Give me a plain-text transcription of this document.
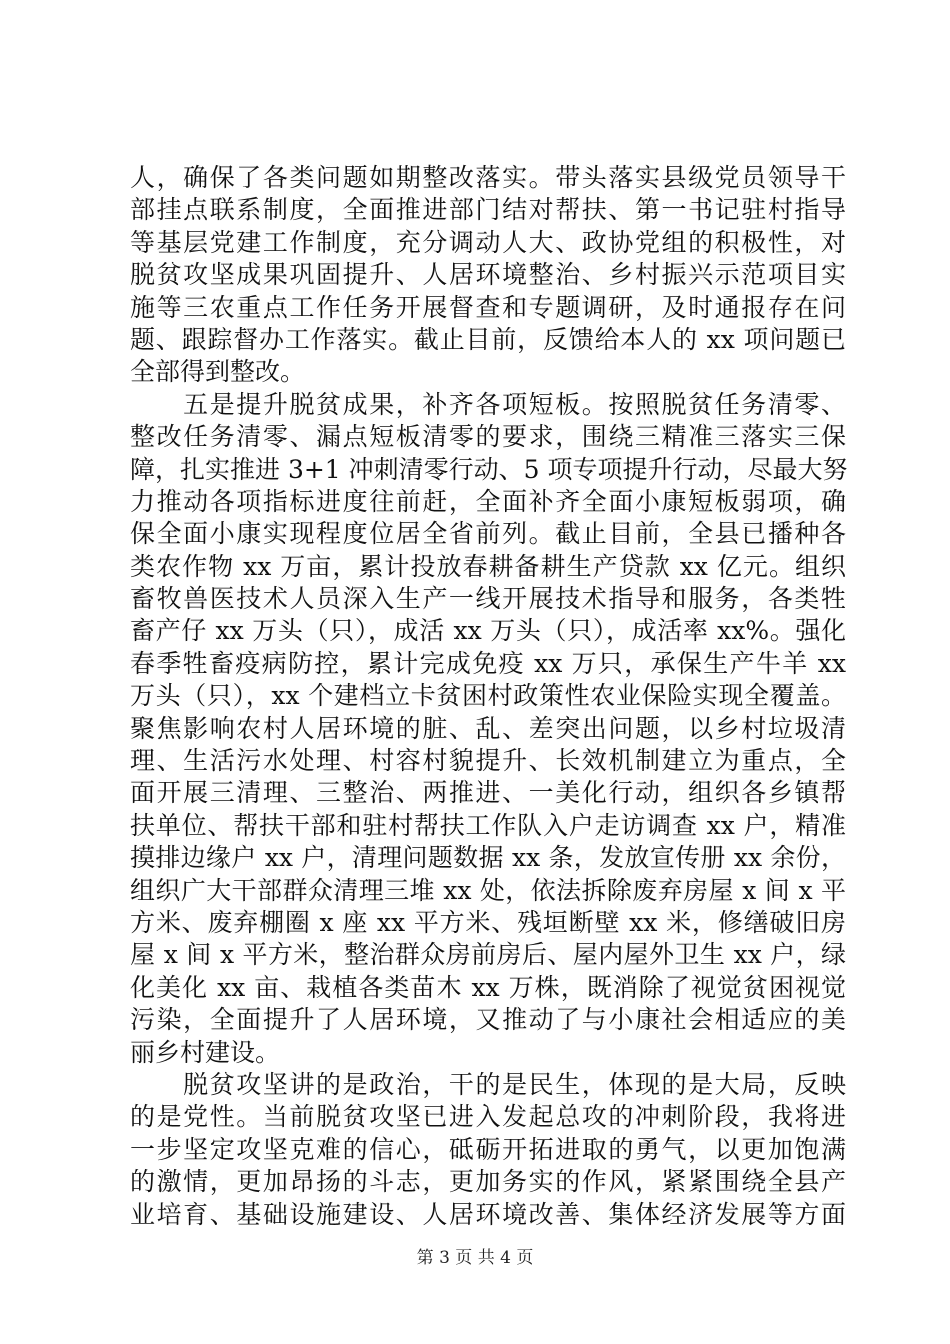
人，确保了各类问题如期整改落实。带头落实县级党员领导干
部挂点联系制度，全面推进部门结对帮扶、第一书记驻村指导
等基层党建工作制度，充分调动人大、政协党组的积极性，对
脱贫攻坚成果巩固提升、人居环境整治、乡村振兴示范项目实
施等三农重点工作任务开展督查和专题调研，及时通报存在问
题、跟踪督办工作落实。截止目前，反馈给本人的 xx 项问题已
全部得到整改。
　　五是提升脱贫成果，补齐各项短板。按照脱贫任务清零、
整改任务清零、漏点短板清零的要求，围绕三精准三落实三保
障，扎实推进 3+1 冲刺清零行动、5 项专项提升行动，尽最大努
力推动各项指标进度往前赶，全面补齐全面小康短板弱项，确
保全面小康实现程度位居全省前列。截止目前，全县已播种各
类农作物 xx 万亩，累计投放春耕备耕生产贷款 xx 亿元。组织
畜牧兽医技术人员深入生产一线开展技术指导和服务，各类牲
畜产仔 xx 万头（只），成活 xx 万头（只），成活率 xx%。强化
春季牲畜疫病防控，累计完成免疫 xx 万只，承保生产牛羊 xx
万头（只），xx 个建档立卡贫困村政策性农业保险实现全覆盖。
聚焦影响农村人居环境的脏、乱、差突出问题，以乡村垃圾清
理、生活污水处理、村容村貌提升、长效机制建立为重点，全
面开展三清理、三整治、两推进、一美化行动，组织各乡镇帮
扶单位、帮扶干部和驻村帮扶工作队入户走访调查 xx 户，精准
摸排边缘户 xx 户，清理问题数据 xx 条，发放宣传册 xx 余份，
组织广大干部群众清理三堆 xx 处，依法拆除废弃房屋 x 间 x 平
方米、废弃棚圈 x 座 xx 平方米、残垣断壁 xx 米，修缮破旧房
屋 x 间 x 平方米，整治群众房前房后、屋内屋外卫生 xx 户，绿
化美化 xx 亩、栽植各类苗木 xx 万株，既消除了视觉贫困视觉
污染，全面提升了人居环境，又推动了与小康社会相适应的美
丽乡村建设。
　　脱贫攻坚讲的是政治，干的是民生，体现的是大局，反映
的是党性。当前脱贫攻坚已进入发起总攻的冲刺阶段，我将进
一步坚定攻坚克难的信心，砥砺开拓进取的勇气，以更加饱满
的激情，更加昂扬的斗志，更加务实的作风，紧紧围绕全县产
业培育、基础设施建设、人居环境改善、集体经济发展等方面
第 3 页 共 4 页
